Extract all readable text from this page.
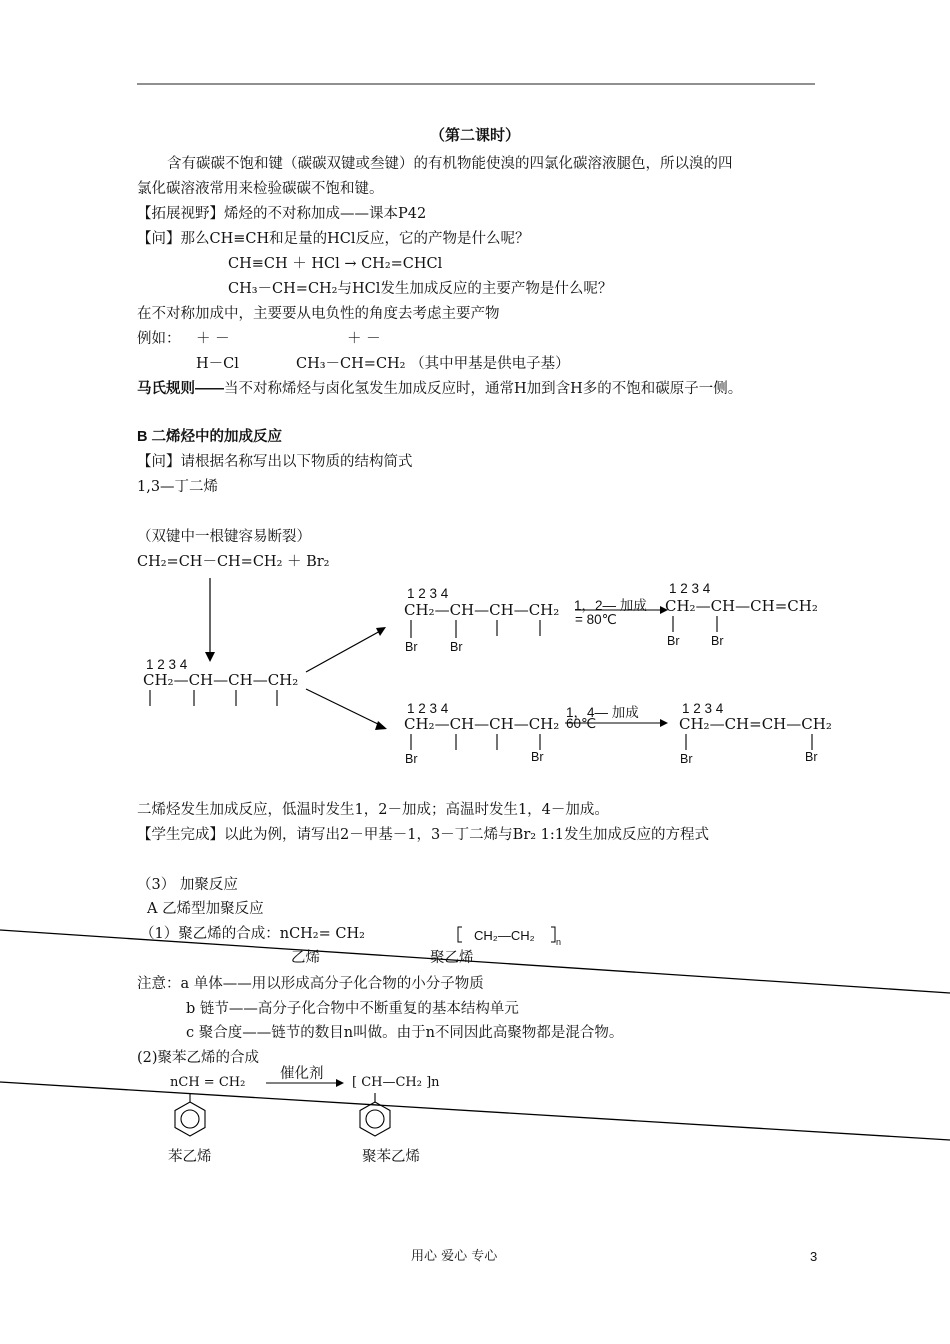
（第二课时）
含有碳碳不饱和键（碳碳双键或叁键）的有机物能使溴的四氯化碳溶液腿色，所以溴的四
氯化碳溶液常用来检验碳碳不饱和键。
【拓展视野】烯烃的不对称加成——课本P42
【问】那么CH≡CH和足量的HCl反应，它的产物是什么呢？
CH≡CH ＋ HCl → CH₂=CHCl
CH₃－CH=CH₂与HCl发生加成反应的主要产物是什么呢？
在不对称加成中，主要要从电负性的角度去考虑主要产物
例如： ＋ －	＋ －
H－Cl	CH₃－CH=CH₂ （其中甲基是供电子基）
马氏规则——当不对称烯烃与卤化氢发生加成反应时，通常H加到含H多的不饱和碳原子一侧。
B 二烯烃中的加成反应
【问】请根据名称写出以下物质的结构简式
1,3—丁二烯
（双键中一根键容易断裂）
CH₂=CH－CH=CH₂ ＋ Br₂
1 2 3 4
CH₂—CH—CH—CH₂
1 2 3 4
CH₂—CH—CH—CH₂
Br	Br
1，2— 加成
= 80℃
1 2 3 4
CH₂—CH—CH=CH₂
Br	Br
1 2 3 4
CH₂—CH—CH—CH₂
Br	Br
1，4— 加成
60℃
1 2 3 4
CH₂—CH=CH—CH₂
Br	Br
二烯烃发生加成反应，低温时发生1，2－加成；高温时发生1，4－加成。
【学生完成】以此为例，请写出2－甲基－1，3－丁二烯与Br₂ 1:1发生加成反应的方程式
（3） 加聚反应
A 乙烯型加聚反应
（1）聚乙烯的合成：nCH₂= CH₂	CH₂—CH₂ n
乙烯	聚乙烯
注意：a 单体——用以形成高分子化合物的小分子物质
b 链节——高分子化合物中不断重复的基本结构单元
c 聚合度——链节的数目n叫做。由于n不同因此高聚物都是混合物。
(2)聚苯乙烯的合成
nCH = CH₂
催化剂
[ CH—CH₂ ]n
苯乙烯	聚苯乙烯
用心 爱心 专心	3
